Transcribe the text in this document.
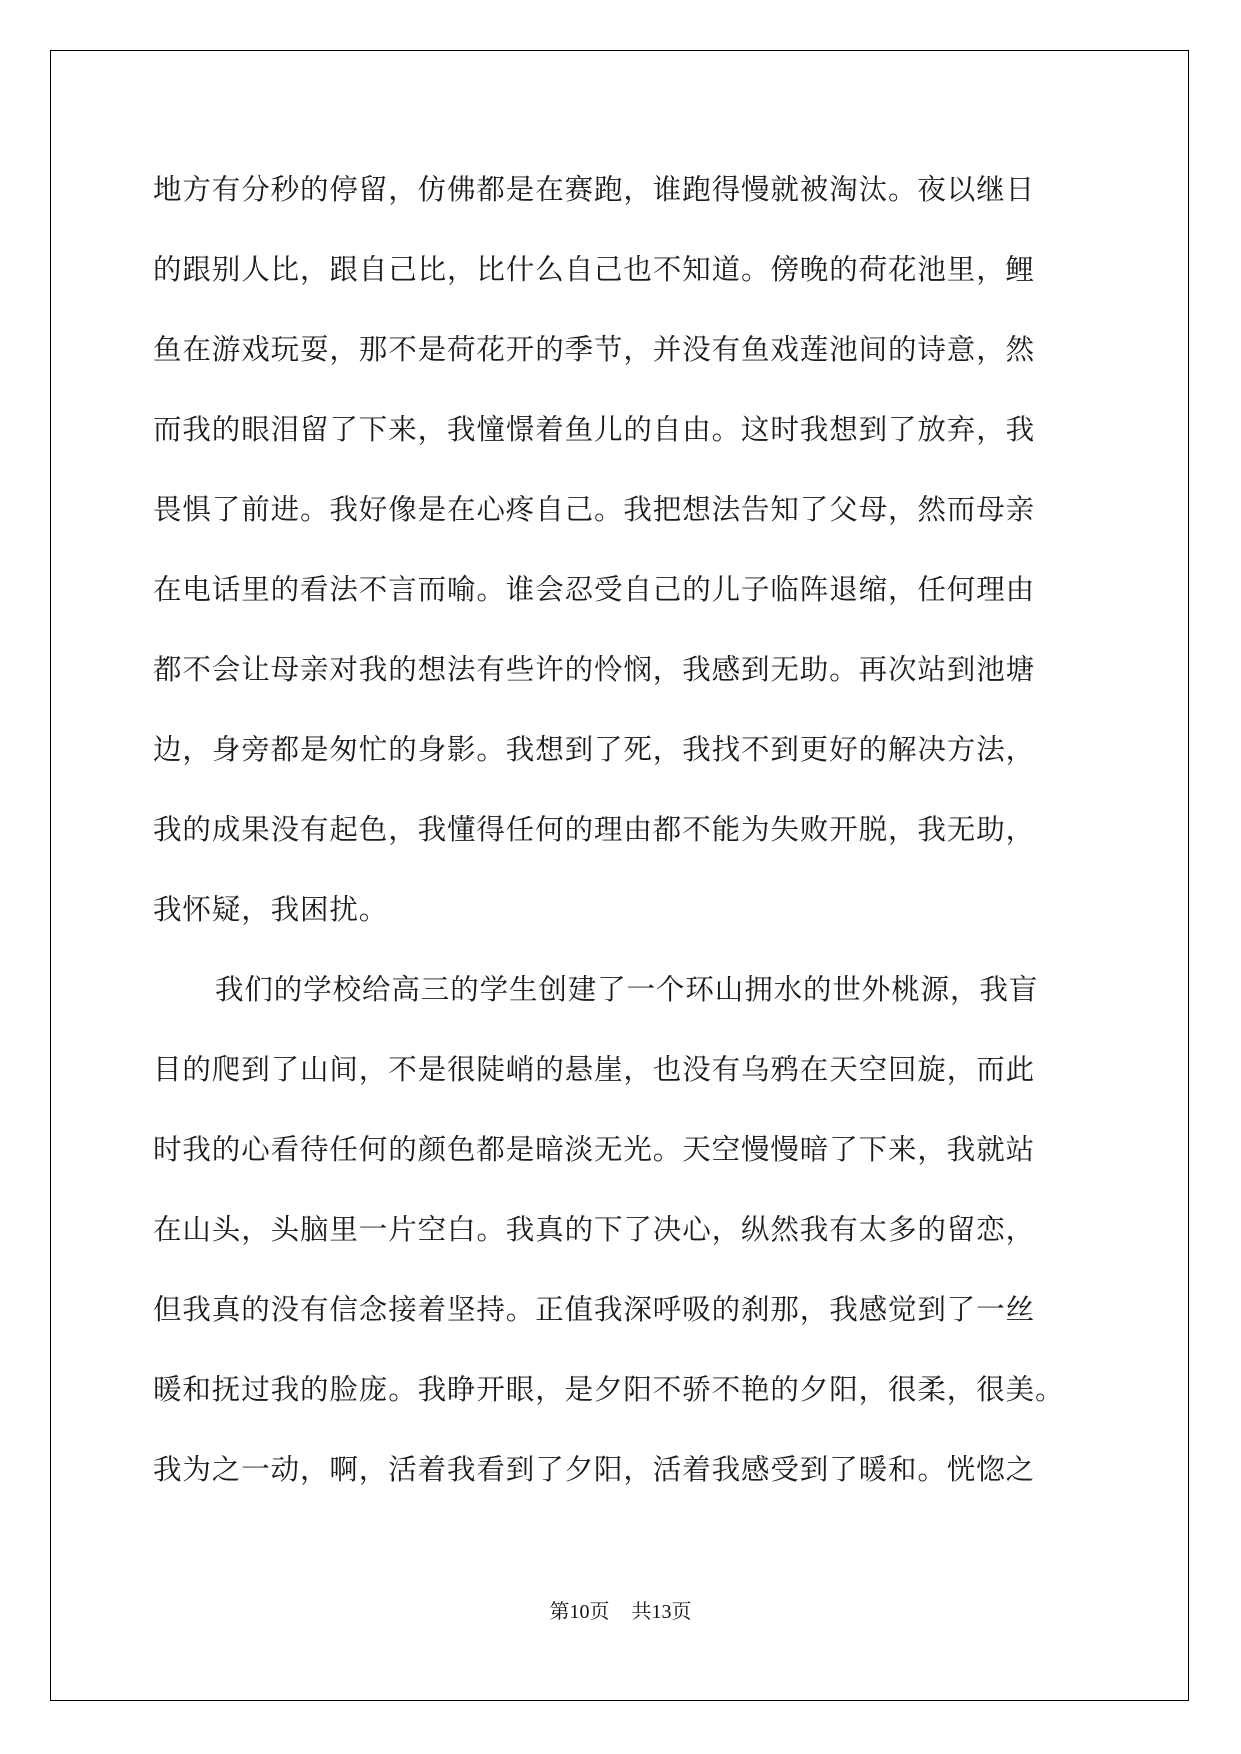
地方有分秒的停留，仿佛都是在赛跑，谁跑得慢就被淘汰。夜以继日
的跟别人比，跟自己比，比什么自己也不知道。傍晚的荷花池里，鲤
鱼在游戏玩耍，那不是荷花开的季节，并没有鱼戏莲池间的诗意，然
而我的眼泪留了下来，我憧憬着鱼儿的自由。这时我想到了放弃，我
畏惧了前进。我好像是在心疼自己。我把想法告知了父母，然而母亲
在电话里的看法不言而喻。谁会忍受自己的儿子临阵退缩，任何理由
都不会让母亲对我的想法有些许的怜悯，我感到无助。再次站到池塘
边，身旁都是匆忙的身影。我想到了死，我找不到更好的解决方法，
我的成果没有起色，我懂得任何的理由都不能为失败开脱，我无助，
我怀疑，我困扰。
我们的学校给高三的学生创建了一个环山拥水的世外桃源，我盲
目的爬到了山间，不是很陡峭的悬崖，也没有乌鸦在天空回旋，而此
时我的心看待任何的颜色都是暗淡无光。天空慢慢暗了下来，我就站
在山头，头脑里一片空白。我真的下了决心，纵然我有太多的留恋，
但我真的没有信念接着坚持。正值我深呼吸的刹那，我感觉到了一丝
暖和抚过我的脸庞。我睁开眼，是夕阳不骄不艳的夕阳，很柔，很美。
我为之一动，啊，活着我看到了夕阳，活着我感受到了暖和。恍惚之
第10页 共13页
